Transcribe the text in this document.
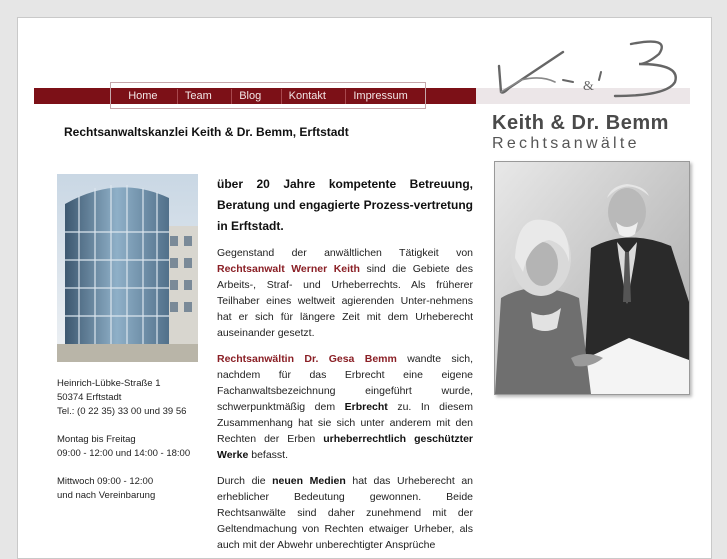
Home	Team	Blog	Kontakt	Impressum
&
Keith & Dr. Bemm
Rechtsanwälte
Rechtsanwaltskanzlei Keith & Dr. Bemm, Erftstadt

Heinrich-Lübke-Straße 1

50374 Erftstadt

Tel.: (0 22 35) 33 00 und 39 56

Montag bis Freitag

09:00 - 12:00 und 14:00 - 18:00

Mittwoch 09:00 - 12:00

und nach Vereinbarung

über 20 Jahre kompetente Betreuung, Beratung und engagierte Prozess-vertretung in Erftstadt.

Gegenstand der anwältlichen Tätigkeit von Rechtsanwalt Werner Keith sind die Gebiete des Arbeits-, Straf- und Urheberrechts. Als früherer Teilhaber eines weltweit agierenden Unter-nehmens hat er sich für längere Zeit mit dem Urheberecht auseinander gesetzt.

Rechtsanwältin Dr. Gesa Bemm wandte sich, nachdem für das Erbrecht eine eigene Fachanwaltsbezeichnung eingeführt wurde, schwerpunktmäßig dem Erbrecht zu. In diesem Zusammenhang hat sie sich unter anderem mit den Rechten der Erben urheberrechtlich geschützter Werke befasst.

Durch die neuen Medien hat das Urheberecht an erheblicher Bedeutung gewonnen. Beide Rechtsanwälte sind daher zunehmend mit der Geltendmachung von Rechten etwaiger Urheber, als auch mit der Abwehr unberechtigter Ansprüche
